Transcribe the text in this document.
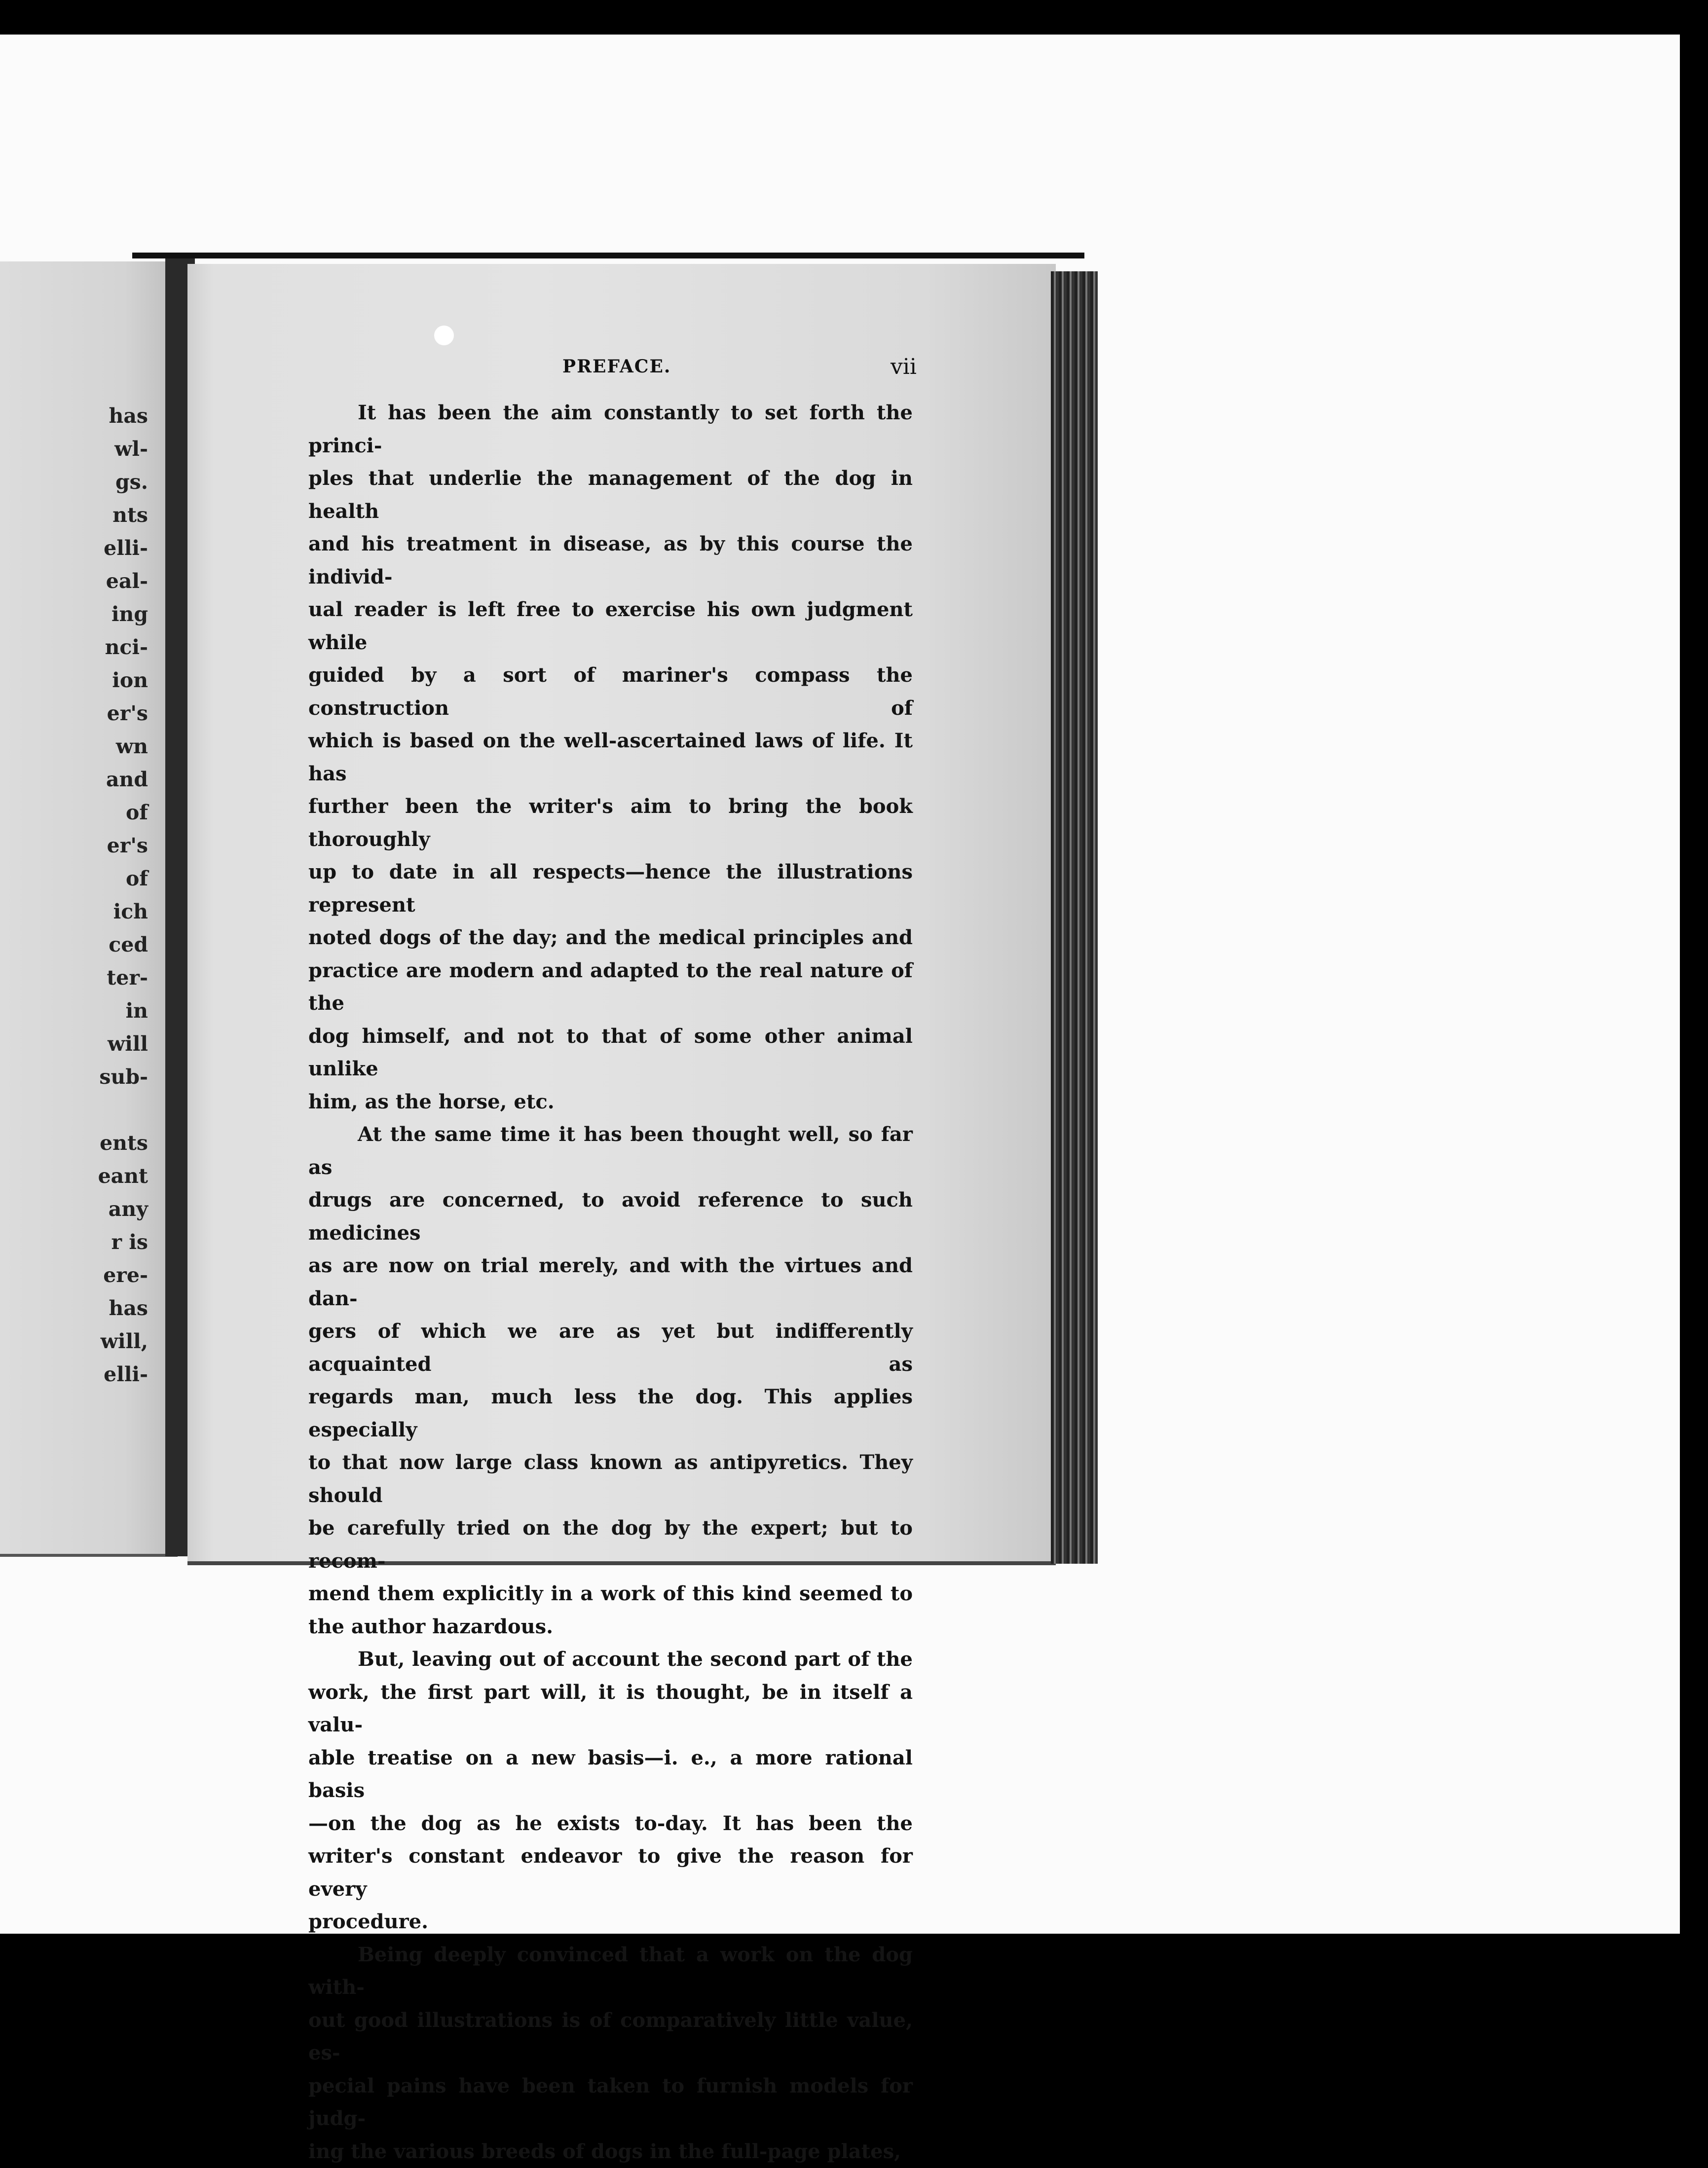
has
wl-
gs.
nts
elli-
eal-
ing
nci-
ion
er's
wn
and
of
er's
of
ich
ced
ter-
in
will
sub-
ents
eant
any
r is
ere-
has
will,
elli-
PREFACE.	vii

It has been the aim constantly to set forth the princi-

ples that underlie the management of the dog in health

and his treatment in disease, as by this course the individ-

ual reader is left free to exercise his own judgment while

guided by a sort of mariner's compass the construction of

which is based on the well-ascertained laws of life. It has

further been the writer's aim to bring the book thoroughly

up to date in all respects—hence the illustrations represent

noted dogs of the day; and the medical principles and

practice are modern and adapted to the real nature of the

dog himself, and not to that of some other animal unlike

him, as the horse, etc.

At the same time it has been thought well, so far as

drugs are concerned, to avoid reference to such medicines

as are now on trial merely, and with the virtues and dan-

gers of which we are as yet but indifferently acquainted as

regards man, much less the dog. This applies especially

to that now large class known as antipyretics. They should

be carefully tried on the dog by the expert; but to recom-

mend them explicitly in a work of this kind seemed to

the author hazardous.

But, leaving out of account the second part of the

work, the first part will, it is thought, be in itself a valu-

able treatise on a new basis—i. e., a more rational basis

—on the dog as he exists to-day. It has been the

writer's constant endeavor to give the reason for every

procedure.

Being deeply convinced that a work on the dog with-

out good illustrations is of comparatively little value, es-

pecial pains have been taken to furnish models for judg-

ing the various breeds of dogs in the full-page plates,
